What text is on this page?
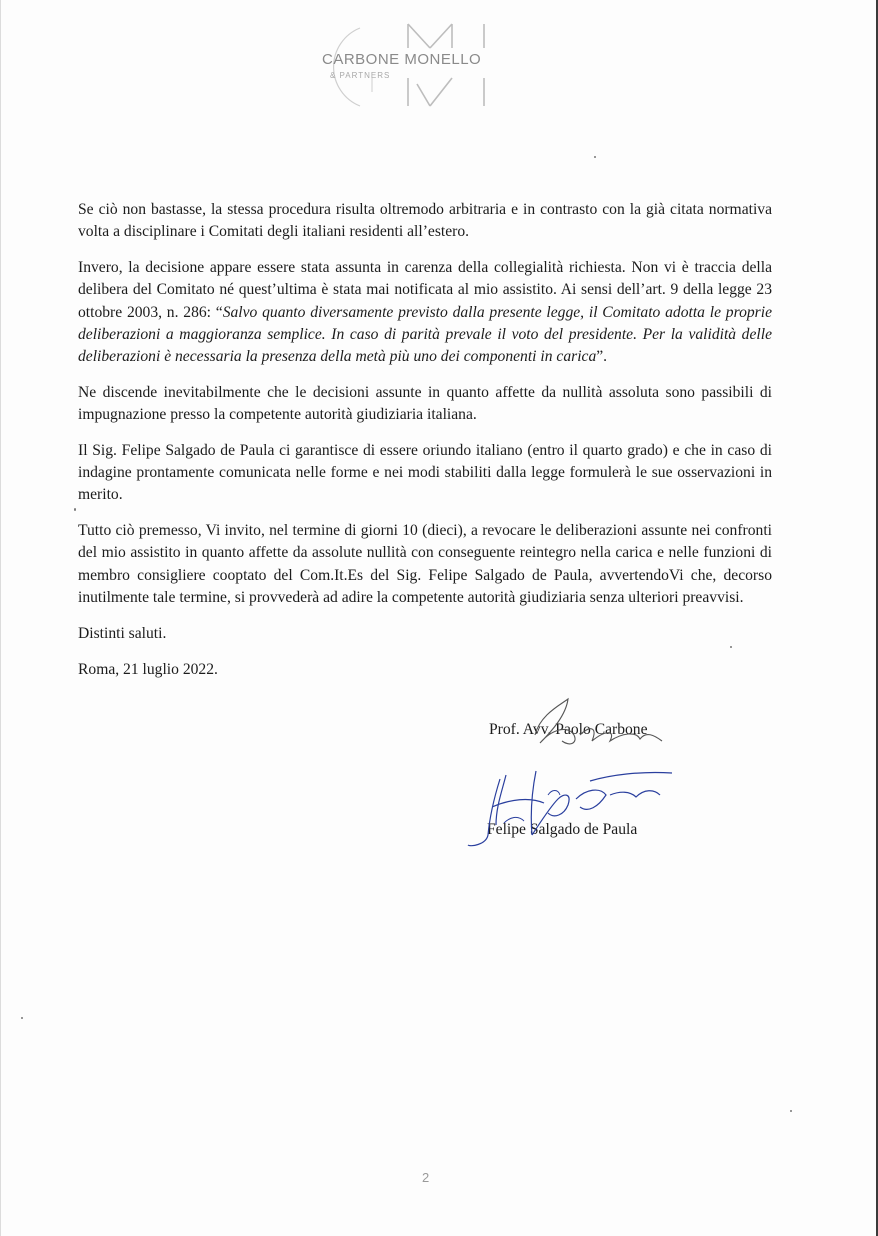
CARBONE MONELLO
& PARTNERS

Se ciò non bastasse, la stessa procedura risulta oltremodo arbitraria e in contrasto con la già citata normativa volta a disciplinare i Comitati degli italiani residenti all’estero.

Invero, la decisione appare essere stata assunta in carenza della collegialità richiesta. Non vi è traccia della delibera del Comitato né quest’ultima è stata mai notificata al mio assistito. Ai sensi dell’art. 9 della legge 23 ottobre 2003, n. 286: “Salvo quanto diversamente previsto dalla presente legge, il Comitato adotta le proprie deliberazioni a maggioranza semplice. In caso di parità prevale il voto del presidente. Per la validità delle deliberazioni è necessaria la presenza della metà più uno dei componenti in carica”.

Ne discende inevitabilmente che le decisioni assunte in quanto affette da nullità assoluta sono passibili di impugnazione presso la competente autorità giudiziaria italiana.

Il Sig. Felipe Salgado de Paula ci garantisce di essere oriundo italiano (entro il quarto grado) e che in caso di indagine prontamente comunicata nelle forme e nei modi stabiliti dalla legge formulerà le sue osservazioni in merito.

Tutto ciò premesso, Vi invito, nel termine di giorni 10 (dieci), a revocare le deliberazioni assunte nei confronti del mio assistito in quanto affette da assolute nullità con conseguente reintegro nella carica e nelle funzioni di membro consigliere cooptato del Com.It.Es del Sig. Felipe Salgado de Paula, avvertendoVi che, decorso inutilmente tale termine, si provvederà ad adire la competente autorità giudiziaria senza ulteriori preavvisi.

Distinti saluti.

Roma, 21 luglio 2022.

Prof. Avv. Paolo Carbone
Felipe Salgado de Paula
2
